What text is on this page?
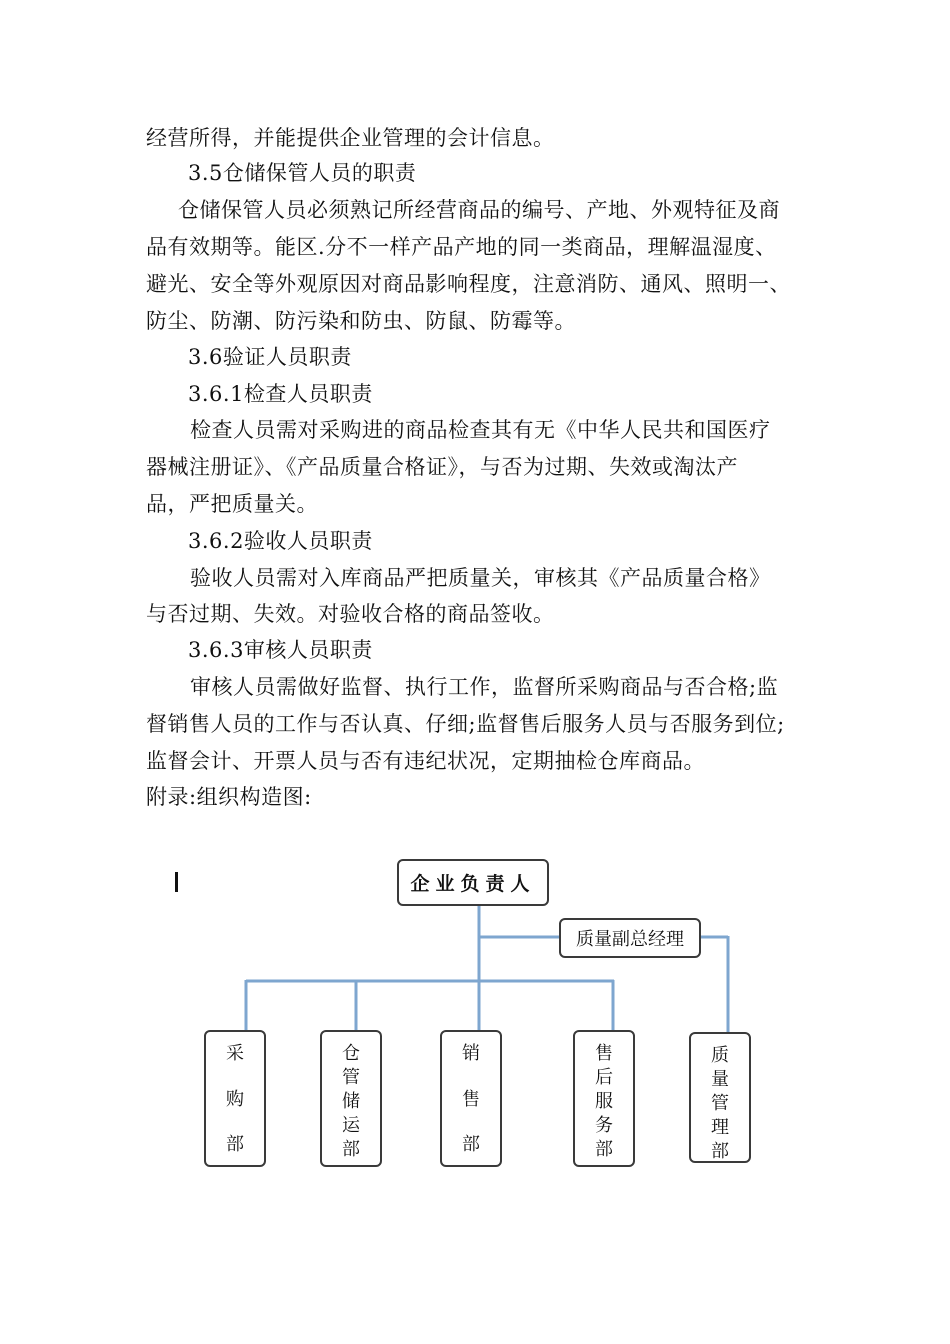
经营所得，并能提供企业管理的会计信息。
3.5仓储保管人员的职责
仓储保管人员必须熟记所经营商品的编号、产地、外观特征及商
品有效期等。能区.分不一样产品产地的同一类商品，理解温湿度、
避光、安全等外观原因对商品影响程度，注意消防、通风、照明一、
防尘、防潮、防污染和防虫、防鼠、防霉等。
3.6验证人员职责
3.6.1检查人员职责
检查人员需对采购进的商品检查其有无《中华人民共和国医疗
器械注册证》、《产品质量合格证》，与否为过期、失效或淘汰产
品，严把质量关。
3.6.2验收人员职责
验收人员需对入库商品严把质量关，审核其《产品质量合格》
与否过期、失效。对验收合格的商品签收。
3.6.3审核人员职责
审核人员需做好监督、执行工作，监督所采购商品与否合格;监
督销售人员的工作与否认真、仔细;监督售后服务人员与否服务到位;
监督会计、开票人员与否有违纪状况，定期抽检仓库商品。
附录:组织构造图:
企业负责人
质量副总经理
采
购
部
仓
管
储
运
部
销
售
部
售
后
服
务
部
质
量
管
理
部
